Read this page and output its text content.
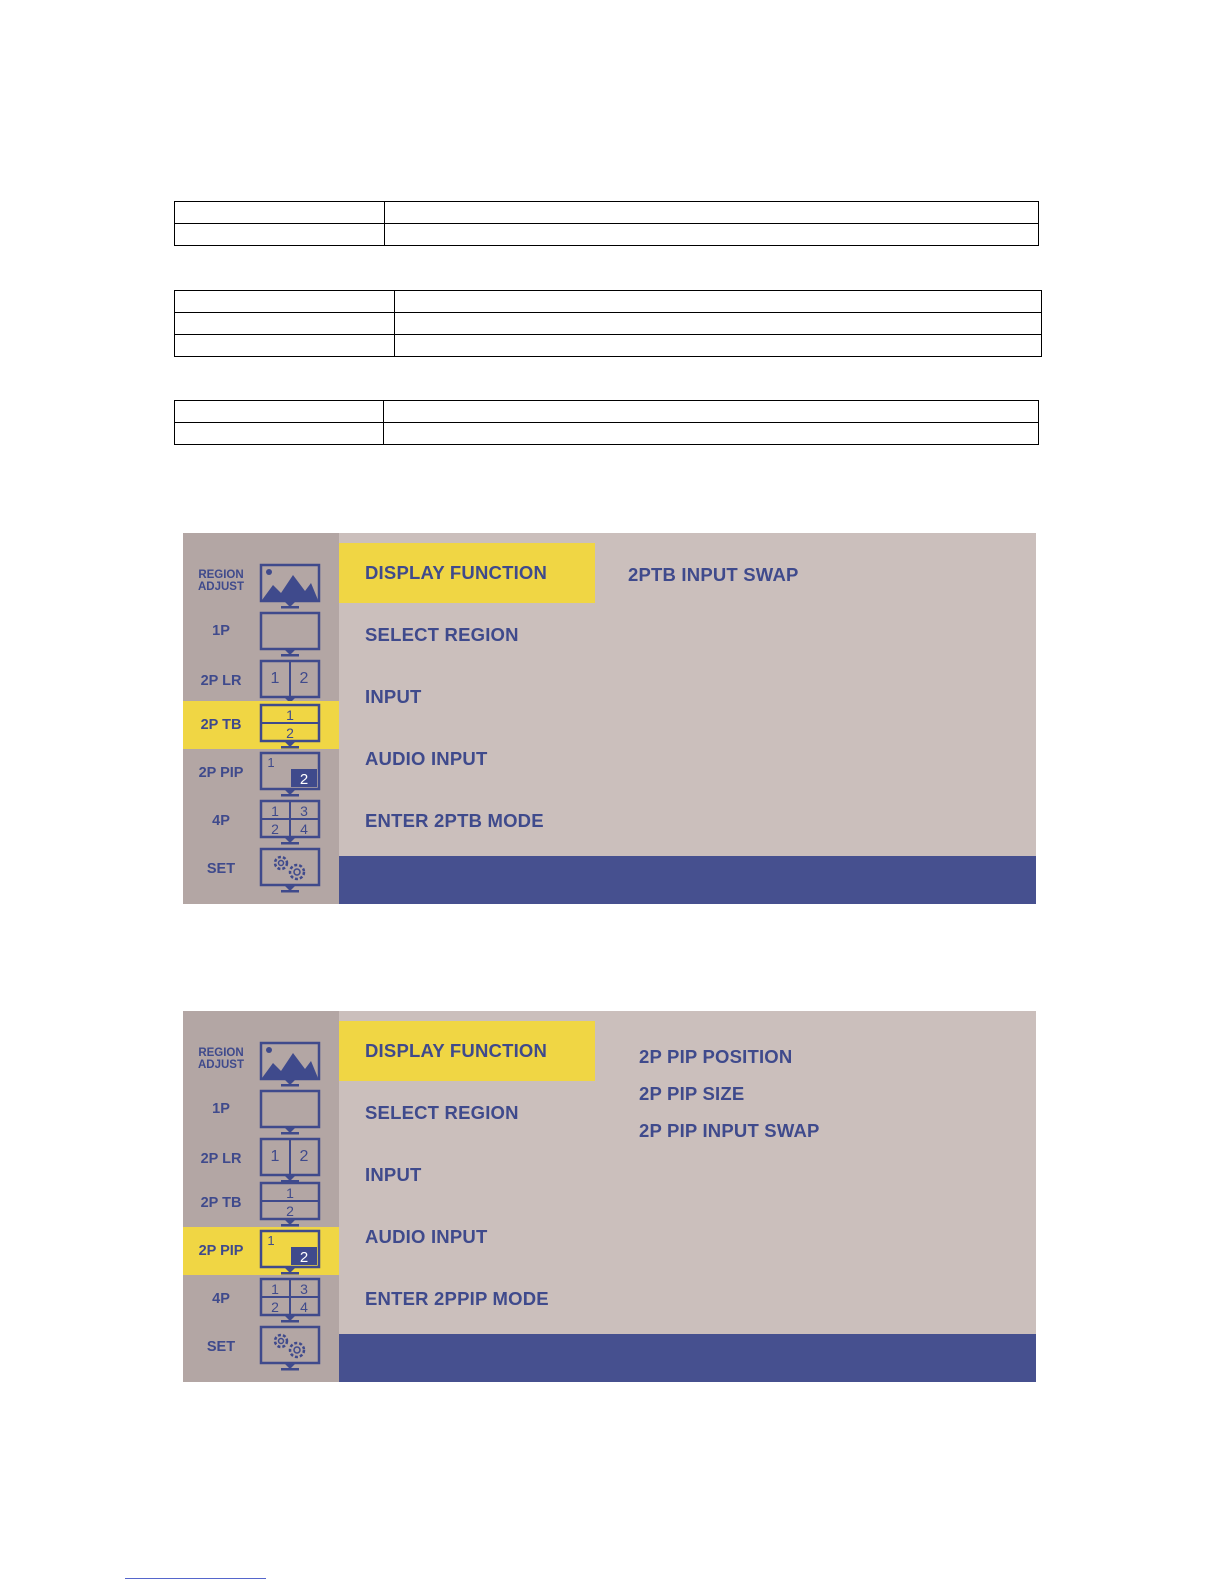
REGION
ADJUST
1P
2P LR	1 2
2P TB
1
2
2P PIP
1
2
4P
1 3
2 4
SET
DISPLAY FUNCTION
SELECT REGION
INPUT
AUDIO INPUT
ENTER 2PTB MODE
2PTB INPUT SWAP
REGION
ADJUST
1P
2P LR	1 2
2P TB
1
2
2P PIP
1
2
4P
1 3
2 4
SET
DISPLAY FUNCTION
SELECT REGION
INPUT
AUDIO INPUT
ENTER 2PPIP MODE
2P PIP POSITION
2P PIP SIZE
2P PIP INPUT SWAP
